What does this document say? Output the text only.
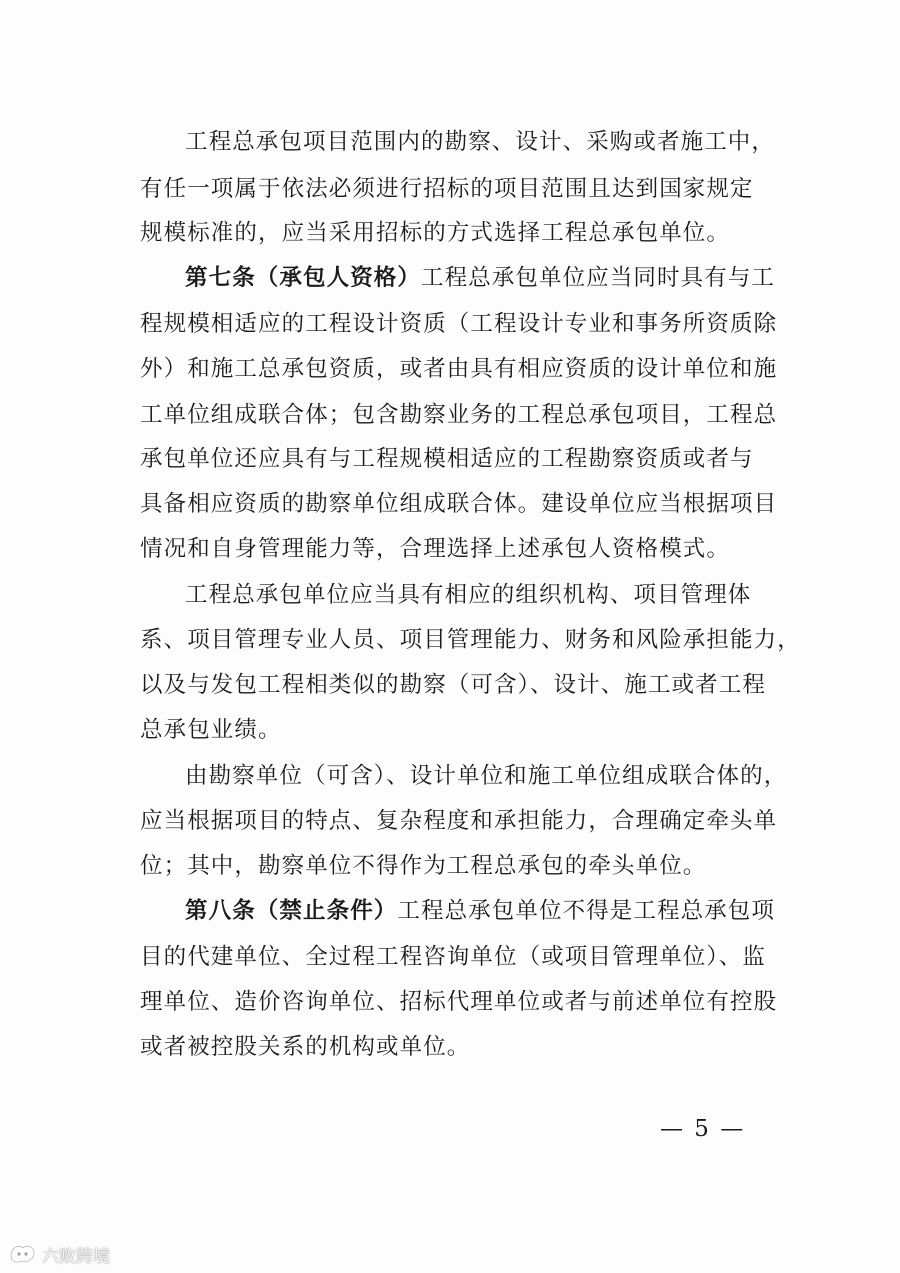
工程总承包项目范围内的勘察、设计、采购或者施工中，
有任一项属于依法必须进行招标的项目范围且达到国家规定
规模标准的，应当采用招标的方式选择工程总承包单位。
第七条（承包人资格）工程总承包单位应当同时具有与工
程规模相适应的工程设计资质（工程设计专业和事务所资质除
外）和施工总承包资质，或者由具有相应资质的设计单位和施
工单位组成联合体；包含勘察业务的工程总承包项目，工程总
承包单位还应具有与工程规模相适应的工程勘察资质或者与
具备相应资质的勘察单位组成联合体。建设单位应当根据项目
情况和自身管理能力等，合理选择上述承包人资格模式。
工程总承包单位应当具有相应的组织机构、项目管理体
系、项目管理专业人员、项目管理能力、财务和风险承担能力，
以及与发包工程相类似的勘察（可含）、设计、施工或者工程
总承包业绩。
由勘察单位（可含）、设计单位和施工单位组成联合体的，
应当根据项目的特点、复杂程度和承担能力，合理确定牵头单
位；其中，勘察单位不得作为工程总承包的牵头单位。
第八条（禁止条件）工程总承包单位不得是工程总承包项
目的代建单位、全过程工程咨询单位（或项目管理单位）、监
理单位、造价咨询单位、招标代理单位或者与前述单位有控股
或者被控股关系的机构或单位。
— 5 —
六败跨境
